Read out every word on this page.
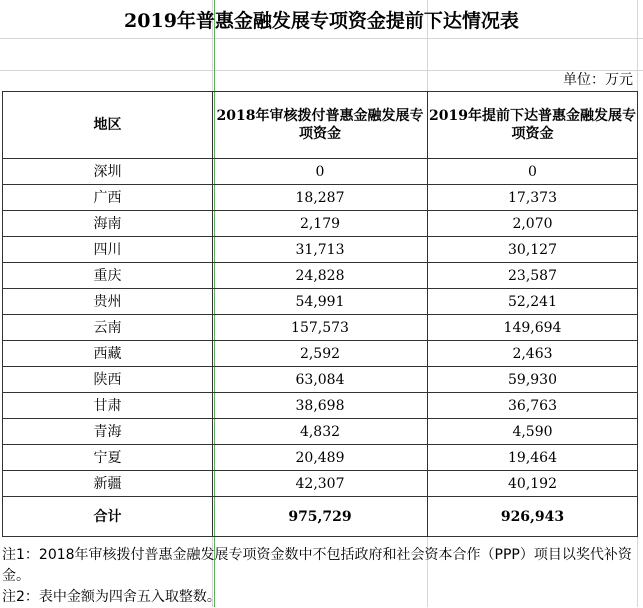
2019年普惠金融发展专项资金提前下达情况表
单位：万元
地区	2018年审核拨付普惠金融发展专项资金	2019年提前下达普惠金融发展专项资金
深圳	0	0
广西	18,287	17,373
海南	2,179	2,070
四川	31,713	30,127
重庆	24,828	23,587
贵州	54,991	52,241
云南	157,573	149,694
西藏	2,592	2,463
陕西	63,084	59,930
甘肃	38,698	36,763
青海	4,832	4,590
宁夏	20,489	19,464
新疆	42,307	40,192
合计	975,729	926,943

注1：2018年审核拨付普惠金融发展专项资金数中不包括政府和社会资本合作（PPP）项目以奖代补资金。

注2：表中金额为四舍五入取整数。
